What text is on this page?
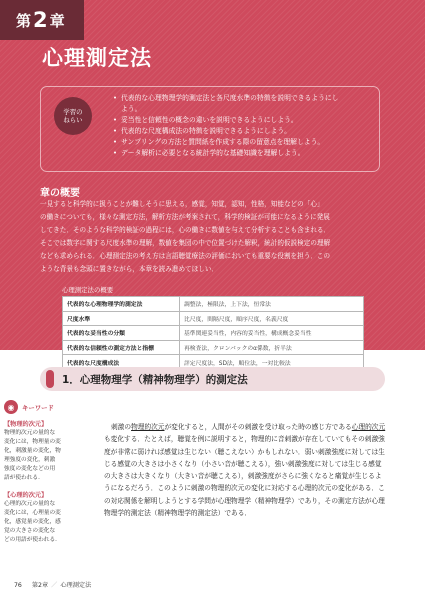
第 2 章
心理測定法
学習の
ねらい
• 代表的な心理物理学的測定法と各尺度水準の特徴を説明できるようにし
よう。
• 妥当性と信頼性の概念の違いを説明できるようにしよう。
• 代表的な尺度構成法の特徴を説明できるようにしよう。
• サンプリングの方法と質問紙を作成する際の留意点を理解しよう。
• データ解析に必要となる統計学的な基礎知識を理解しよう。
章の概要
一見すると科学的に扱うことが難しそうに思える，感覚，知覚，認知，性格，知能などの「心」
の働きについても，様々な測定方法，解析方法が考案されて，科学的検証が可能になるように発展
してきた．そのような科学的検証の過程には，心の働きに数値を与えて分析することも含まれる．
そこでは数字に関する尺度水準の理解，数値を集団の中で位置づけた解釈，統計的仮説検定の理解
なども求められる．心理測定法の考え方は言語聴覚療法の評価においても重要な役割を担う．この
ような背景も念頭に置きながら，本章を読み進めてほしい．
心理測定法の概要
代表的な心理物理学的測定法	調整法，極限法，上下法，恒常法
尺度水準	比尺度，間隔尺度，順序尺度，名義尺度
代表的な妥当性の分類	基準関連妥当性，内容的妥当性，構成概念妥当性
代表的な信頼性の測定方法と指標	再検査法，クロンバックのα係数，折半法
代表的な尺度構成法	評定尺度法，SD法，順位法，一対比較法
1．心理物理学（精神物理学）的測定法
◉	キーワード
【物理的次元】
物理的次元の量的な
変化には，物理量の変
化，刺激量の変化，物
理強度の変化，刺激
強度の変化などの用
語が使われる．
【心理的次元】
心理的次元の量的な
変化には，心理量の変
化，感覚量の変化，感
覚の大きさの変化な
どの用語が使われる．

刺激の物理的次元が変化すると，人間がその刺激を受け取った時の感じ方である心理的次元も変化する．たとえば，聴覚を例に説明すると，物理的に音刺激が存在していてもその刺激強度が非常に弱ければ感覚は生じない（聴こえない）かもしれない．弱い刺激強度に対しては生じる感覚の大きさは小さくなり（小さい音が聴こえる），強い刺激強度に対しては生じる感覚の大きさは大きくなり（大きい音が聴こえる），刺激強度がさらに強くなると痛覚が生じるようになるだろう．このように刺激の物理的次元の変化に対応する心理的次元の変化がある．この対応関係を解明しようとする学問が心理物理学（精神物理学）であり，その測定方法が心理物理学的測定法（精神物理学的測定法）である．

76 第2章 ／ 心理測定法
